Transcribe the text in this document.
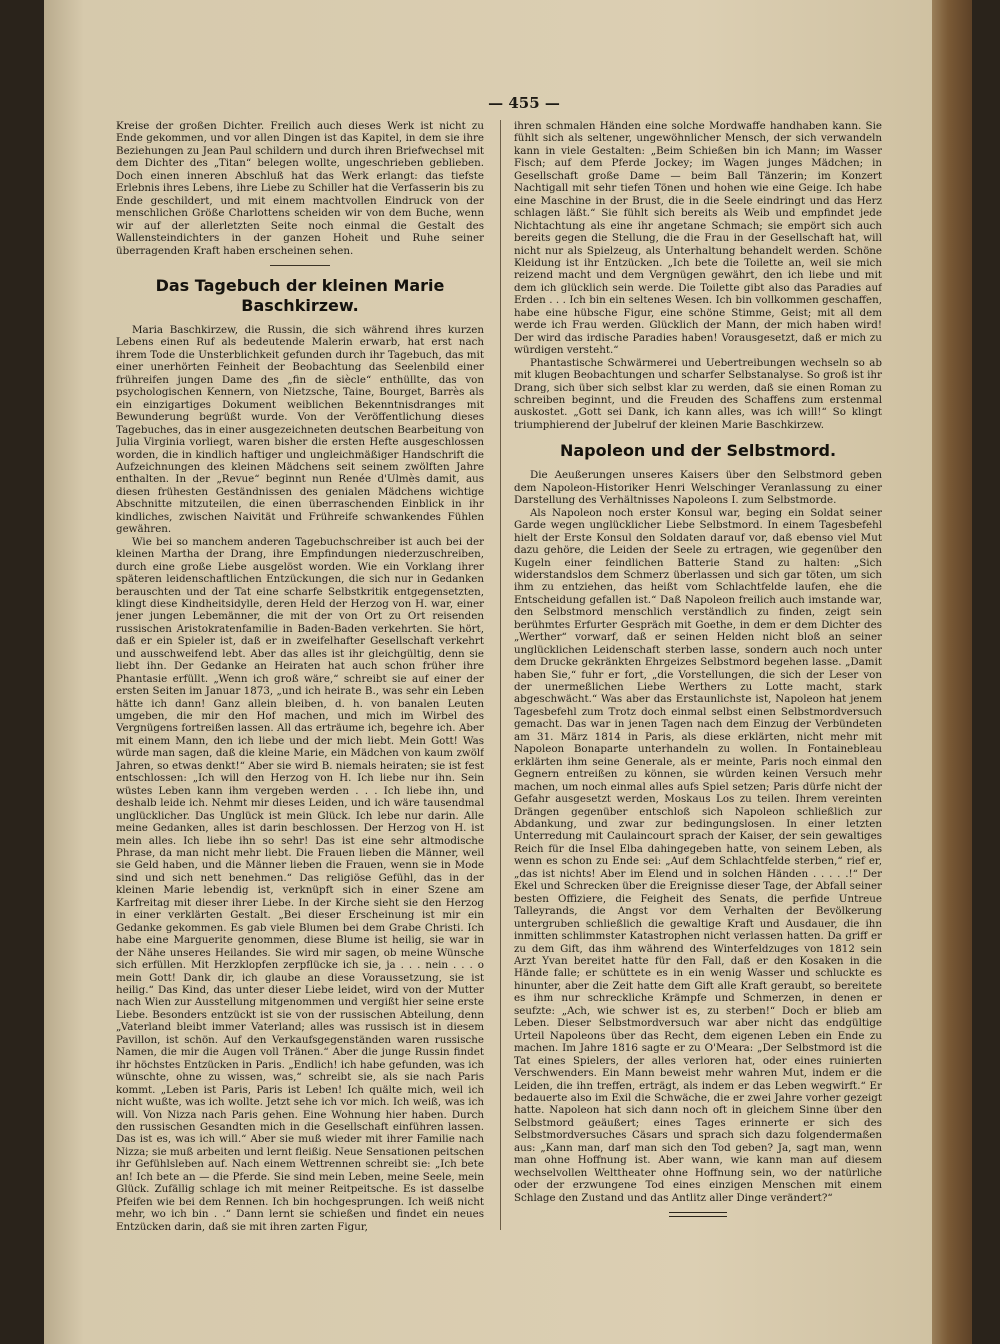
— 455 —

Kreise der großen Dichter. Freilich auch dieses Werk ist nicht zu Ende gekommen, und vor allen Dingen ist das Kapitel, in dem sie ihre Beziehungen zu Jean Paul schildern und durch ihren Briefwechsel mit dem Dichter des „Titan“ belegen wollte, ungeschrieben geblieben. Doch einen inneren Abschluß hat das Werk erlangt: das tiefste Erlebnis ihres Lebens, ihre Liebe zu Schiller hat die Verfasserin bis zu Ende geschildert, und mit einem machtvollen Eindruck von der menschlichen Größe Charlottens scheiden wir von dem Buche, wenn wir auf der allerletzten Seite noch einmal die Gestalt des Wallensteindichters in der ganzen Hoheit und Ruhe seiner überragenden Kraft haben erscheinen sehen.

Das Tagebuch der kleinen Marie Baschkirzew.

Maria Baschkirzew, die Russin, die sich während ihres kurzen Lebens einen Ruf als bedeutende Malerin erwarb, hat erst nach ihrem Tode die Unsterblichkeit gefunden durch ihr Tagebuch, das mit einer unerhörten Feinheit der Beobachtung das Seelenbild einer frühreifen jungen Dame des „fin de siècle“ enthüllte, das von psychologischen Kennern, von Nietzsche, Taine, Bourget, Barrès als ein einzigartiges Dokument weiblichen Bekenntnisdranges mit Bewunderung begrüßt wurde. Von der Veröffentlichung dieses Tagebuches, das in einer ausgezeichneten deutschen Bearbeitung von Julia Virginia vorliegt, waren bisher die ersten Hefte ausgeschlossen worden, die in kindlich haftiger und ungleichmäßiger Handschrift die Aufzeichnungen des kleinen Mädchens seit seinem zwölften Jahre enthalten. In der „Revue“ beginnt nun Renée d'Ulmès damit, aus diesen frühesten Geständnissen des genialen Mädchens wichtige Abschnitte mitzuteilen, die einen überraschenden Einblick in ihr kindliches, zwischen Naivität und Frühreife schwankendes Fühlen gewähren.

Wie bei so manchem anderen Tagebuchschreiber ist auch bei der kleinen Martha der Drang, ihre Empfindungen niederzuschreiben, durch eine große Liebe ausgelöst worden. Wie ein Vorklang ihrer späteren leidenschaftlichen Entzückungen, die sich nur in Gedanken berauschten und der Tat eine scharfe Selbstkritik entgegensetzten, klingt diese Kindheitsidylle, deren Held der Herzog von H. war, einer jener jungen Lebemänner, die mit der von Ort zu Ort reisenden russischen Aristokratenfamilie in Baden-Baden verkehrten. Sie hört, daß er ein Spieler ist, daß er in zweifelhafter Gesellschaft verkehrt und ausschweifend lebt. Aber das alles ist ihr gleichgültig, denn sie liebt ihn. Der Gedanke an Heiraten hat auch schon früher ihre Phantasie erfüllt. „Wenn ich groß wäre,“ schreibt sie auf einer der ersten Seiten im Januar 1873, „und ich heirate B., was sehr ein Leben hätte ich dann! Ganz allein bleiben, d. h. von banalen Leuten umgeben, die mir den Hof machen, und mich im Wirbel des Vergnügens fortreißen lassen. All das erträume ich, begehre ich. Aber mit einem Mann, den ich liebe und der mich liebt. Mein Gott! Was würde man sagen, daß die kleine Marie, ein Mädchen von kaum zwölf Jahren, so etwas denkt!“ Aber sie wird B. niemals heiraten; sie ist fest entschlossen: „Ich will den Herzog von H. Ich liebe nur ihn. Sein wüstes Leben kann ihm vergeben werden . . . Ich liebe ihn, und deshalb leide ich. Nehmt mir dieses Leiden, und ich wäre tausendmal unglücklicher. Das Unglück ist mein Glück. Ich lebe nur darin. Alle meine Gedanken, alles ist darin beschlossen. Der Herzog von H. ist mein alles. Ich liebe ihn so sehr! Das ist eine sehr altmodische Phrase, da man nicht mehr liebt. Die Frauen lieben die Männer, weil sie Geld haben, und die Männer lieben die Frauen, wenn sie in Mode sind und sich nett benehmen.“ Das religiöse Gefühl, das in der kleinen Marie lebendig ist, verknüpft sich in einer Szene am Karfreitag mit dieser ihrer Liebe. In der Kirche sieht sie den Herzog in einer verklärten Gestalt. „Bei dieser Erscheinung ist mir ein Gedanke gekommen. Es gab viele Blumen bei dem Grabe Christi. Ich habe eine Marguerite genommen, diese Blume ist heilig, sie war in der Nähe unseres Heilandes. Sie wird mir sagen, ob meine Wünsche sich erfüllen. Mit Herzklopfen zerpflücke ich sie, ja . . . nein . . . o mein Gott! Dank dir, ich glaube an diese Voraussetzung, sie ist heilig.“ Das Kind, das unter dieser Liebe leidet, wird von der Mutter nach Wien zur Ausstellung mitgenommen und vergißt hier seine erste Liebe. Besonders entzückt ist sie von der russischen Abteilung, denn „Vaterland bleibt immer Vaterland; alles was russisch ist in diesem Pavillon, ist schön. Auf den Verkaufsgegenständen waren russische Namen, die mir die Augen voll Tränen.“ Aber die junge Russin findet ihr höchstes Entzücken in Paris. „Endlich! ich habe gefunden, was ich wünschte, ohne zu wissen, was,“ schreibt sie, als sie nach Paris kommt. „Leben ist Paris, Paris ist Leben! Ich quälte mich, weil ich nicht wußte, was ich wollte. Jetzt sehe ich vor mich. Ich weiß, was ich will. Von Nizza nach Paris gehen. Eine Wohnung hier haben. Durch den russischen Gesandten mich in die Gesellschaft einführen lassen. Das ist es, was ich will.“ Aber sie muß wieder mit ihrer Familie nach Nizza; sie muß arbeiten und lernt fleißig. Neue Sensationen peitschen ihr Gefühlsleben auf. Nach einem Wettrennen schreibt sie: „Ich bete an! Ich bete an — die Pferde. Sie sind mein Leben, meine Seele, mein Glück. Zufällig schlage ich mit meiner Reitpeitsche. Es ist dasselbe Pfeifen wie bei dem Rennen. Ich bin hochgesprungen. Ich weiß nicht mehr, wo ich bin . .“ Dann lernt sie schießen und findet ein neues Entzücken darin, daß sie mit ihren zarten Figur,

ihren schmalen Händen eine solche Mordwaffe handhaben kann. Sie fühlt sich als seltener, ungewöhnlicher Mensch, der sich verwandeln kann in viele Gestalten: „Beim Schießen bin ich Mann; im Wasser Fisch; auf dem Pferde Jockey; im Wagen junges Mädchen; in Gesellschaft große Dame — beim Ball Tänzerin; im Konzert Nachtigall mit sehr tiefen Tönen und hohen wie eine Geige. Ich habe eine Maschine in der Brust, die in die Seele eindringt und das Herz schlagen läßt.“ Sie fühlt sich bereits als Weib und empfindet jede Nichtachtung als eine ihr angetane Schmach; sie empört sich auch bereits gegen die Stellung, die die Frau in der Gesellschaft hat, will nicht nur als Spielzeug, als Unterhaltung behandelt werden. Schöne Kleidung ist ihr Entzücken. „Ich bete die Toilette an, weil sie mich reizend macht und dem Vergnügen gewährt, den ich liebe und mit dem ich glücklich sein werde. Die Toilette gibt also das Paradies auf Erden . . . Ich bin ein seltenes Wesen. Ich bin vollkommen geschaffen, habe eine hübsche Figur, eine schöne Stimme, Geist; mit all dem werde ich Frau werden. Glücklich der Mann, der mich haben wird! Der wird das irdische Paradies haben! Vorausgesetzt, daß er mich zu würdigen versteht.“

Phantastische Schwärmerei und Uebertreibungen wechseln so ab mit klugen Beobachtungen und scharfer Selbstanalyse. So groß ist ihr Drang, sich über sich selbst klar zu werden, daß sie einen Roman zu schreiben beginnt, und die Freuden des Schaffens zum erstenmal auskostet. „Gott sei Dank, ich kann alles, was ich will!“ So klingt triumphierend der Jubelruf der kleinen Marie Baschkirzew.

Napoleon und der Selbstmord.

Die Aeußerungen unseres Kaisers über den Selbstmord geben dem Napoleon-Historiker Henri Welschinger Veranlassung zu einer Darstellung des Verhältnisses Napoleons I. zum Selbstmorde.

Als Napoleon noch erster Konsul war, beging ein Soldat seiner Garde wegen unglücklicher Liebe Selbstmord. In einem Tagesbefehl hielt der Erste Konsul den Soldaten darauf vor, daß ebenso viel Mut dazu gehöre, die Leiden der Seele zu ertragen, wie gegenüber den Kugeln einer feindlichen Batterie Stand zu halten: „Sich widerstandslos dem Schmerz überlassen und sich gar töten, um sich ihm zu entziehen, das heißt vom Schlachtfelde laufen, ehe die Entscheidung gefallen ist.“ Daß Napoleon freilich auch imstande war, den Selbstmord menschlich verständlich zu finden, zeigt sein berühmtes Erfurter Gespräch mit Goethe, in dem er dem Dichter des „Werther“ vorwarf, daß er seinen Helden nicht bloß an seiner unglücklichen Leidenschaft sterben lasse, sondern auch noch unter dem Drucke gekränkten Ehrgeizes Selbstmord begehen lasse. „Damit haben Sie,“ fuhr er fort, „die Vorstellungen, die sich der Leser von der unermeßlichen Liebe Werthers zu Lotte macht, stark abgeschwächt.“ Was aber das Erstaunlichste ist, Napoleon hat jenem Tagesbefehl zum Trotz doch einmal selbst einen Selbstmordversuch gemacht. Das war in jenen Tagen nach dem Einzug der Verbündeten am 31. März 1814 in Paris, als diese erklärten, nicht mehr mit Napoleon Bonaparte unterhandeln zu wollen. In Fontainebleau erklärten ihm seine Generale, als er meinte, Paris noch einmal den Gegnern entreißen zu können, sie würden keinen Versuch mehr machen, um noch einmal alles aufs Spiel setzen; Paris dürfe nicht der Gefahr ausgesetzt werden, Moskaus Los zu teilen. Ihrem vereinten Drängen gegenüber entschloß sich Napoleon schließlich zur Abdankung, und zwar zur bedingungslosen. In einer letzten Unterredung mit Caulaincourt sprach der Kaiser, der sein gewaltiges Reich für die Insel Elba dahingegeben hatte, von seinem Leben, als wenn es schon zu Ende sei: „Auf dem Schlachtfelde sterben,“ rief er, „das ist nichts! Aber im Elend und in solchen Händen . . . . .!“ Der Ekel und Schrecken über die Ereignisse dieser Tage, der Abfall seiner besten Offiziere, die Feigheit des Senats, die perfide Untreue Talleyrands, die Angst vor dem Verhalten der Bevölkerung untergruben schließlich die gewaltige Kraft und Ausdauer, die ihn inmitten schlimmster Katastrophen nicht verlassen hatten. Da griff er zu dem Gift, das ihm während des Winterfeldzuges von 1812 sein Arzt Yvan bereitet hatte für den Fall, daß er den Kosaken in die Hände falle; er schüttete es in ein wenig Wasser und schluckte es hinunter, aber die Zeit hatte dem Gift alle Kraft geraubt, so bereitete es ihm nur schreckliche Krämpfe und Schmerzen, in denen er seufzte: „Ach, wie schwer ist es, zu sterben!“ Doch er blieb am Leben. Dieser Selbstmordversuch war aber nicht das endgültige Urteil Napoleons über das Recht, dem eigenen Leben ein Ende zu machen. Im Jahre 1816 sagte er zu O'Meara: „Der Selbstmord ist die Tat eines Spielers, der alles verloren hat, oder eines ruinierten Verschwenders. Ein Mann beweist mehr wahren Mut, indem er die Leiden, die ihn treffen, erträgt, als indem er das Leben wegwirft.“ Er bedauerte also im Exil die Schwäche, die er zwei Jahre vorher gezeigt hatte. Napoleon hat sich dann noch oft in gleichem Sinne über den Selbstmord geäußert; eines Tages erinnerte er sich des Selbstmordversuches Cäsars und sprach sich dazu folgendermaßen aus: „Kann man, darf man sich den Tod geben? Ja, sagt man, wenn man ohne Hoffnung ist. Aber wann, wie kann man auf diesem wechselvollen Welttheater ohne Hoffnung sein, wo der natürliche oder der erzwungene Tod eines einzigen Menschen mit einem Schlage den Zustand und das Antlitz aller Dinge verändert?“
